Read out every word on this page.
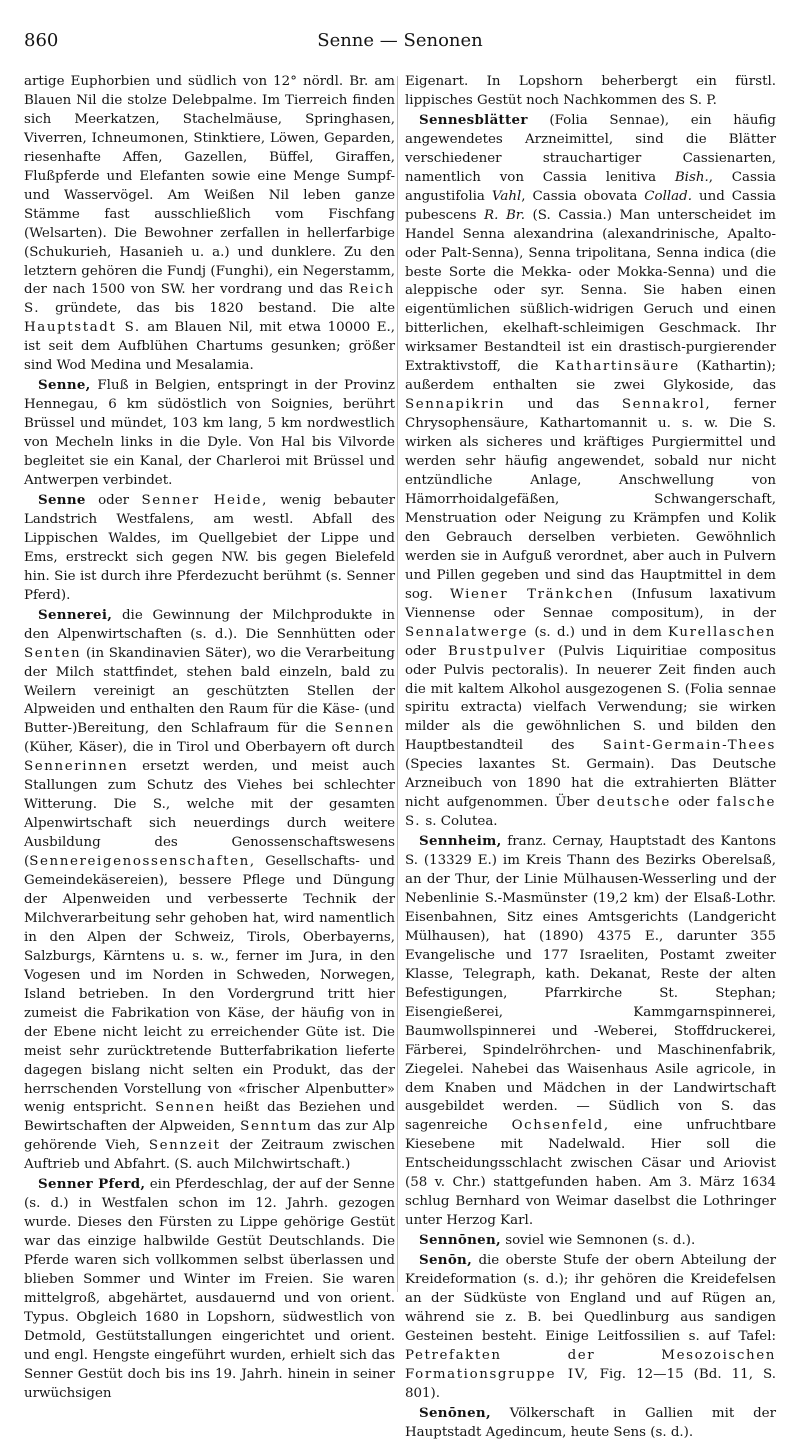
860	Senne — Senonen

artige Euphorbien und südlich von 12° nördl. Br. am Blauen Nil die stolze Delebpalme. Im Tierreich finden sich Meerkatzen, Stachelmäuse, Springhasen, Viverren, Ichneumonen, Stinktiere, Löwen, Geparden, riesenhafte Affen, Gazellen, Büffel, Giraffen, Flußpferde und Elefanten sowie eine Menge Sumpf- und Wasservögel. Am Weißen Nil leben ganze Stämme fast ausschließlich vom Fischfang (Welsarten). Die Bewohner zerfallen in hellerfarbige (Schukurieh, Hasanieh u. a.) und dunklere. Zu den letztern gehören die Fundj (Funghi), ein Negerstamm, der nach 1500 von SW. her vordrang und das Reich S. gründete, das bis 1820 bestand. Die alte Hauptstadt S. am Blauen Nil, mit etwa 10000 E., ist seit dem Aufblühen Chartums gesunken; größer sind Wod Medina und Mesalamia.

Senne, Fluß in Belgien, entspringt in der Provinz Hennegau, 6 km südöstlich von Soignies, berührt Brüssel und mündet, 103 km lang, 5 km nordwestlich von Mecheln links in die Dyle. Von Hal bis Vilvorde begleitet sie ein Kanal, der Charleroi mit Brüssel und Antwerpen verbindet.

Senne oder Senner Heide, wenig bebauter Landstrich Westfalens, am westl. Abfall des Lippischen Waldes, im Quellgebiet der Lippe und Ems, erstreckt sich gegen NW. bis gegen Bielefeld hin. Sie ist durch ihre Pferdezucht berühmt (s. Senner Pferd).

Sennerei, die Gewinnung der Milchprodukte in den Alpenwirtschaften (s. d.). Die Sennhütten oder Senten (in Skandinavien Säter), wo die Verarbeitung der Milch stattfindet, stehen bald einzeln, bald zu Weilern vereinigt an geschützten Stellen der Alpweiden und enthalten den Raum für die Käse- (und Butter-)Bereitung, den Schlafraum für die Sennen (Küher, Käser), die in Tirol und Oberbayern oft durch Sennerinnen ersetzt werden, und meist auch Stallungen zum Schutz des Viehes bei schlechter Witterung. Die S., welche mit der gesamten Alpenwirtschaft sich neuerdings durch weitere Ausbildung des Genossenschaftswesens (Sennereigenossenschaften, Gesellschafts- und Gemeindekäsereien), bessere Pflege und Düngung der Alpenweiden und verbesserte Technik der Milchverarbeitung sehr gehoben hat, wird namentlich in den Alpen der Schweiz, Tirols, Oberbayerns, Salzburgs, Kärntens u. s. w., ferner im Jura, in den Vogesen und im Norden in Schweden, Norwegen, Island betrieben. In den Vordergrund tritt hier zumeist die Fabrikation von Käse, der häufig von in der Ebene nicht leicht zu erreichender Güte ist. Die meist sehr zurücktretende Butterfabrikation lieferte dagegen bislang nicht selten ein Produkt, das der herrschenden Vorstellung von «frischer Alpenbutter» wenig entspricht. Sennen heißt das Beziehen und Bewirtschaften der Alpweiden, Senntum das zur Alp gehörende Vieh, Sennzeit der Zeitraum zwischen Auftrieb und Abfahrt. (S. auch Milchwirtschaft.)

Senner Pferd, ein Pferdeschlag, der auf der Senne (s. d.) in Westfalen schon im 12. Jahrh. gezogen wurde. Dieses den Fürsten zu Lippe gehörige Gestüt war das einzige halbwilde Gestüt Deutschlands. Die Pferde waren sich vollkommen selbst überlassen und blieben Sommer und Winter im Freien. Sie waren mittelgroß, abgehärtet, ausdauernd und von orient. Typus. Obgleich 1680 in Lopshorn, südwestlich von Detmold, Gestütstallungen eingerichtet und orient. und engl. Hengste eingeführt wurden, erhielt sich das Senner Gestüt doch bis ins 19. Jahrh. hinein in seiner urwüchsigen

Eigenart. In Lopshorn beherbergt ein fürstl. lippisches Gestüt noch Nachkommen des S. P.

Sennesblätter (Folia Sennae), ein häufig angewendetes Arzneimittel, sind die Blätter verschiedener strauchartiger Cassienarten, namentlich von Cassia lenitiva Bish., Cassia angustifolia Vahl, Cassia obovata Collad. und Cassia pubescens R. Br. (S. Cassia.) Man unterscheidet im Handel Senna alexandrina (alexandrinische, Apalto- oder Palt-Senna), Senna tripolitana, Senna indica (die beste Sorte die Mekka- oder Mokka-Senna) und die aleppische oder syr. Senna. Sie haben einen eigentümlichen süßlich-widrigen Geruch und einen bitterlichen, ekelhaft-schleimigen Geschmack. Ihr wirksamer Bestandteil ist ein drastisch-purgierender Extraktivstoff, die Kathartinsäure (Kathartin); außerdem enthalten sie zwei Glykoside, das Sennapikrin und das Sennakrol, ferner Chrysophensäure, Kathartomannit u. s. w. Die S. wirken als sicheres und kräftiges Purgiermittel und werden sehr häufig angewendet, sobald nur nicht entzündliche Anlage, Anschwellung von Hämorrhoidalgefäßen, Schwangerschaft, Menstruation oder Neigung zu Krämpfen und Kolik den Gebrauch derselben verbieten. Gewöhnlich werden sie in Aufguß verordnet, aber auch in Pulvern und Pillen gegeben und sind das Hauptmittel in dem sog. Wiener Tränkchen (Infusum laxativum Viennense oder Sennae compositum), in der Sennalatwerge (s. d.) und in dem Kurellaschen oder Brustpulver (Pulvis Liquiritiae compositus oder Pulvis pectoralis). In neuerer Zeit finden auch die mit kaltem Alkohol ausgezogenen S. (Folia sennae spiritu extracta) vielfach Verwendung; sie wirken milder als die gewöhnlichen S. und bilden den Hauptbestandteil des Saint-Germain-Thees (Species laxantes St. Germain). Das Deutsche Arzneibuch von 1890 hat die extrahierten Blätter nicht aufgenommen. Über deutsche oder falsche S. s. Colutea.

Sennheim, franz. Cernay, Hauptstadt des Kantons S. (13329 E.) im Kreis Thann des Bezirks Oberelsaß, an der Thur, der Linie Mülhausen-Wesserling und der Nebenlinie S.-Masmünster (19,2 km) der Elsaß-Lothr. Eisenbahnen, Sitz eines Amtsgerichts (Landgericht Mülhausen), hat (1890) 4375 E., darunter 355 Evangelische und 177 Israeliten, Postamt zweiter Klasse, Telegraph, kath. Dekanat, Reste der alten Befestigungen, Pfarrkirche St. Stephan; Eisengießerei, Kammgarnspinnerei, Baumwollspinnerei und -Weberei, Stoffdruckerei, Färberei, Spindelröhrchen- und Maschinenfabrik, Ziegelei. Nahebei das Waisenhaus Asile agricole, in dem Knaben und Mädchen in der Landwirtschaft ausgebildet werden. — Südlich von S. das sagenreiche Ochsenfeld, eine unfruchtbare Kiesebene mit Nadelwald. Hier soll die Entscheidungsschlacht zwischen Cäsar und Ariovist (58 v. Chr.) stattgefunden haben. Am 3. März 1634 schlug Bernhard von Weimar daselbst die Lothringer unter Herzog Karl.

Sennōnen, soviel wie Semnonen (s. d.).

Senōn, die oberste Stufe der obern Abteilung der Kreideformation (s. d.); ihr gehören die Kreidefelsen an der Südküste von England und auf Rügen an, während sie z. B. bei Quedlinburg aus sandigen Gesteinen besteht. Einige Leitfossilien s. auf Tafel: Petrefakten der Mesozoischen Formationsgruppe IV, Fig. 12—15 (Bd. 11, S. 801).

Senōnen, Völkerschaft in Gallien mit der Hauptstadt Agedincum, heute Sens (s. d.).
